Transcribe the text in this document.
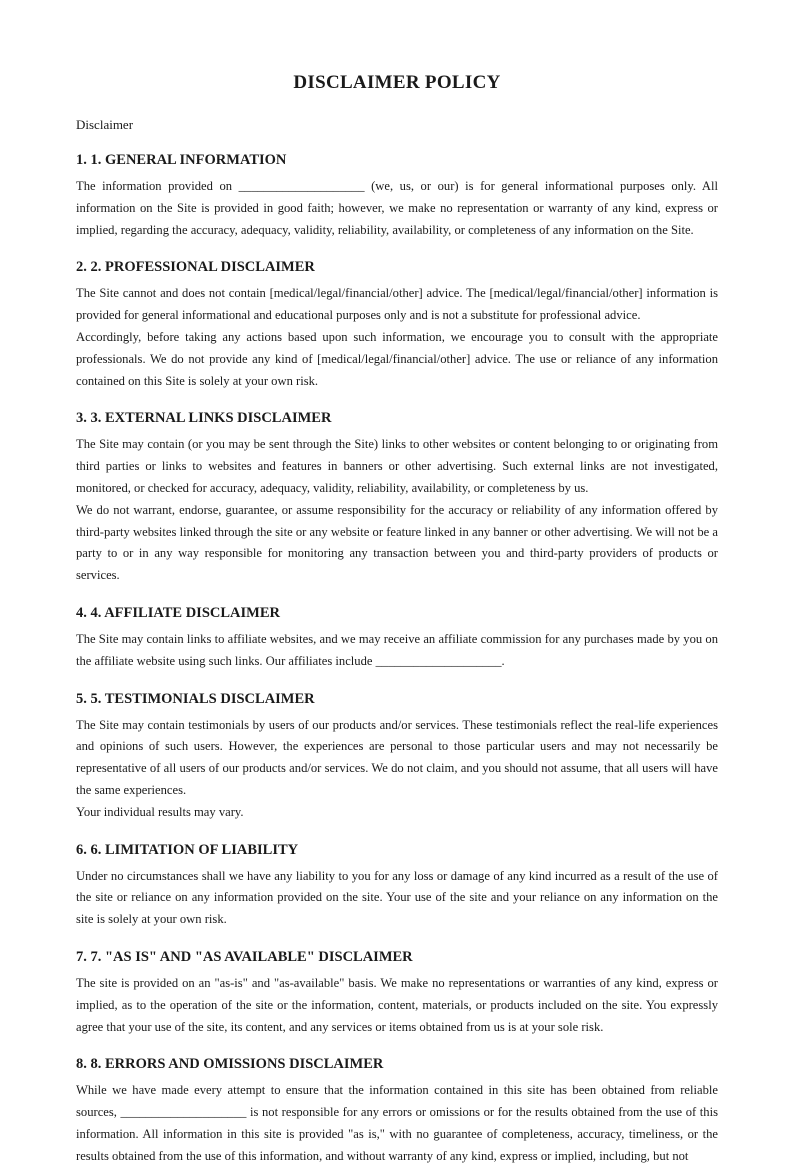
DISCLAIMER POLICY
Disclaimer
1. 1. GENERAL INFORMATION

The information provided on ____________________ (we, us, or our) is for general informational purposes only. All information on the Site is provided in good faith; however, we make no representation or warranty of any kind, express or implied, regarding the accuracy, adequacy, validity, reliability, availability, or completeness of any information on the Site.

2. 2. PROFESSIONAL DISCLAIMER

The Site cannot and does not contain [medical/legal/financial/other] advice. The [medical/legal/financial/other] information is provided for general informational and educational purposes only and is not a substitute for professional advice.

Accordingly, before taking any actions based upon such information, we encourage you to consult with the appropriate professionals. We do not provide any kind of [medical/legal/financial/other] advice. The use or reliance of any information contained on this Site is solely at your own risk.

3. 3. EXTERNAL LINKS DISCLAIMER

The Site may contain (or you may be sent through the Site) links to other websites or content belonging to or originating from third parties or links to websites and features in banners or other advertising. Such external links are not investigated, monitored, or checked for accuracy, adequacy, validity, reliability, availability, or completeness by us.

We do not warrant, endorse, guarantee, or assume responsibility for the accuracy or reliability of any information offered by third-party websites linked through the site or any website or feature linked in any banner or other advertising. We will not be a party to or in any way responsible for monitoring any transaction between you and third-party providers of products or services.

4. 4. AFFILIATE DISCLAIMER

The Site may contain links to affiliate websites, and we may receive an affiliate commission for any purchases made by you on the affiliate website using such links. Our affiliates include ____________________.

5. 5. TESTIMONIALS DISCLAIMER

The Site may contain testimonials by users of our products and/or services. These testimonials reflect the real-life experiences and opinions of such users. However, the experiences are personal to those particular users and may not necessarily be representative of all users of our products and/or services. We do not claim, and you should not assume, that all users will have the same experiences.

Your individual results may vary.

6. 6. LIMITATION OF LIABILITY

Under no circumstances shall we have any liability to you for any loss or damage of any kind incurred as a result of the use of the site or reliance on any information provided on the site. Your use of the site and your reliance on any information on the site is solely at your own risk.

7. 7. "AS IS" AND "AS AVAILABLE" DISCLAIMER

The site is provided on an "as-is" and "as-available" basis. We make no representations or warranties of any kind, express or implied, as to the operation of the site or the information, content, materials, or products included on the site. You expressly agree that your use of the site, its content, and any services or items obtained from us is at your sole risk.

8. 8. ERRORS AND OMISSIONS DISCLAIMER

While we have made every attempt to ensure that the information contained in this site has been obtained from reliable sources, ____________________ is not responsible for any errors or omissions or for the results obtained from the use of this information. All information in this site is provided "as is," with no guarantee of completeness, accuracy, timeliness, or the results obtained from the use of this information, and without warranty of any kind, express or implied, including, but not
